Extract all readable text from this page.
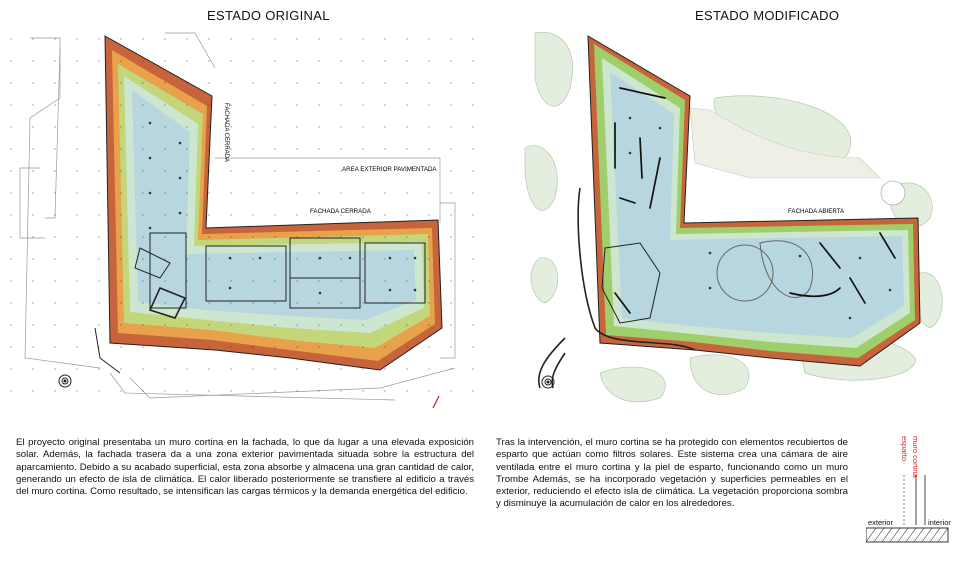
ESTADO ORIGINAL	ESTADO MODIFICADO
FACHADA CERRADA
AREA EXTERIOR PAVIMENTADA
FACHADA CERRADA	FACHADA ABIERTA
El proyecto original presentaba un muro cortina en la fachada, lo que da lugar a una elevada exposición solar. Además, la fachada trasera da a una zona exterior pavimentada situada sobre la estructura del aparcamiento. Debido a su acabado superficial, esta zona absorbe y almacena una gran cantidad de calor, generando un efecto de isla de climática. El calor liberado posteriormente se transfiere al edificio a través del muro cortina. Como resultado, se intensifican las cargas térmicos y la demanda energética del edificio.
Tras la intervención, el muro cortina se ha protegido con elementos recubiertos de esparto que actúan como filtros solares. Este sistema crea una cámara de aire ventilada entre el muro cortina y la piel de esparto, funcionando como un muro Trombe Además, se ha incorporado vegetación y superficies permeables en el exterior, reduciendo el efecto isla de climática. La vegetación proporciona sombra y disminuye la acumulación de calor en los alrededores.
esparto muro cortina
exterior	interior
